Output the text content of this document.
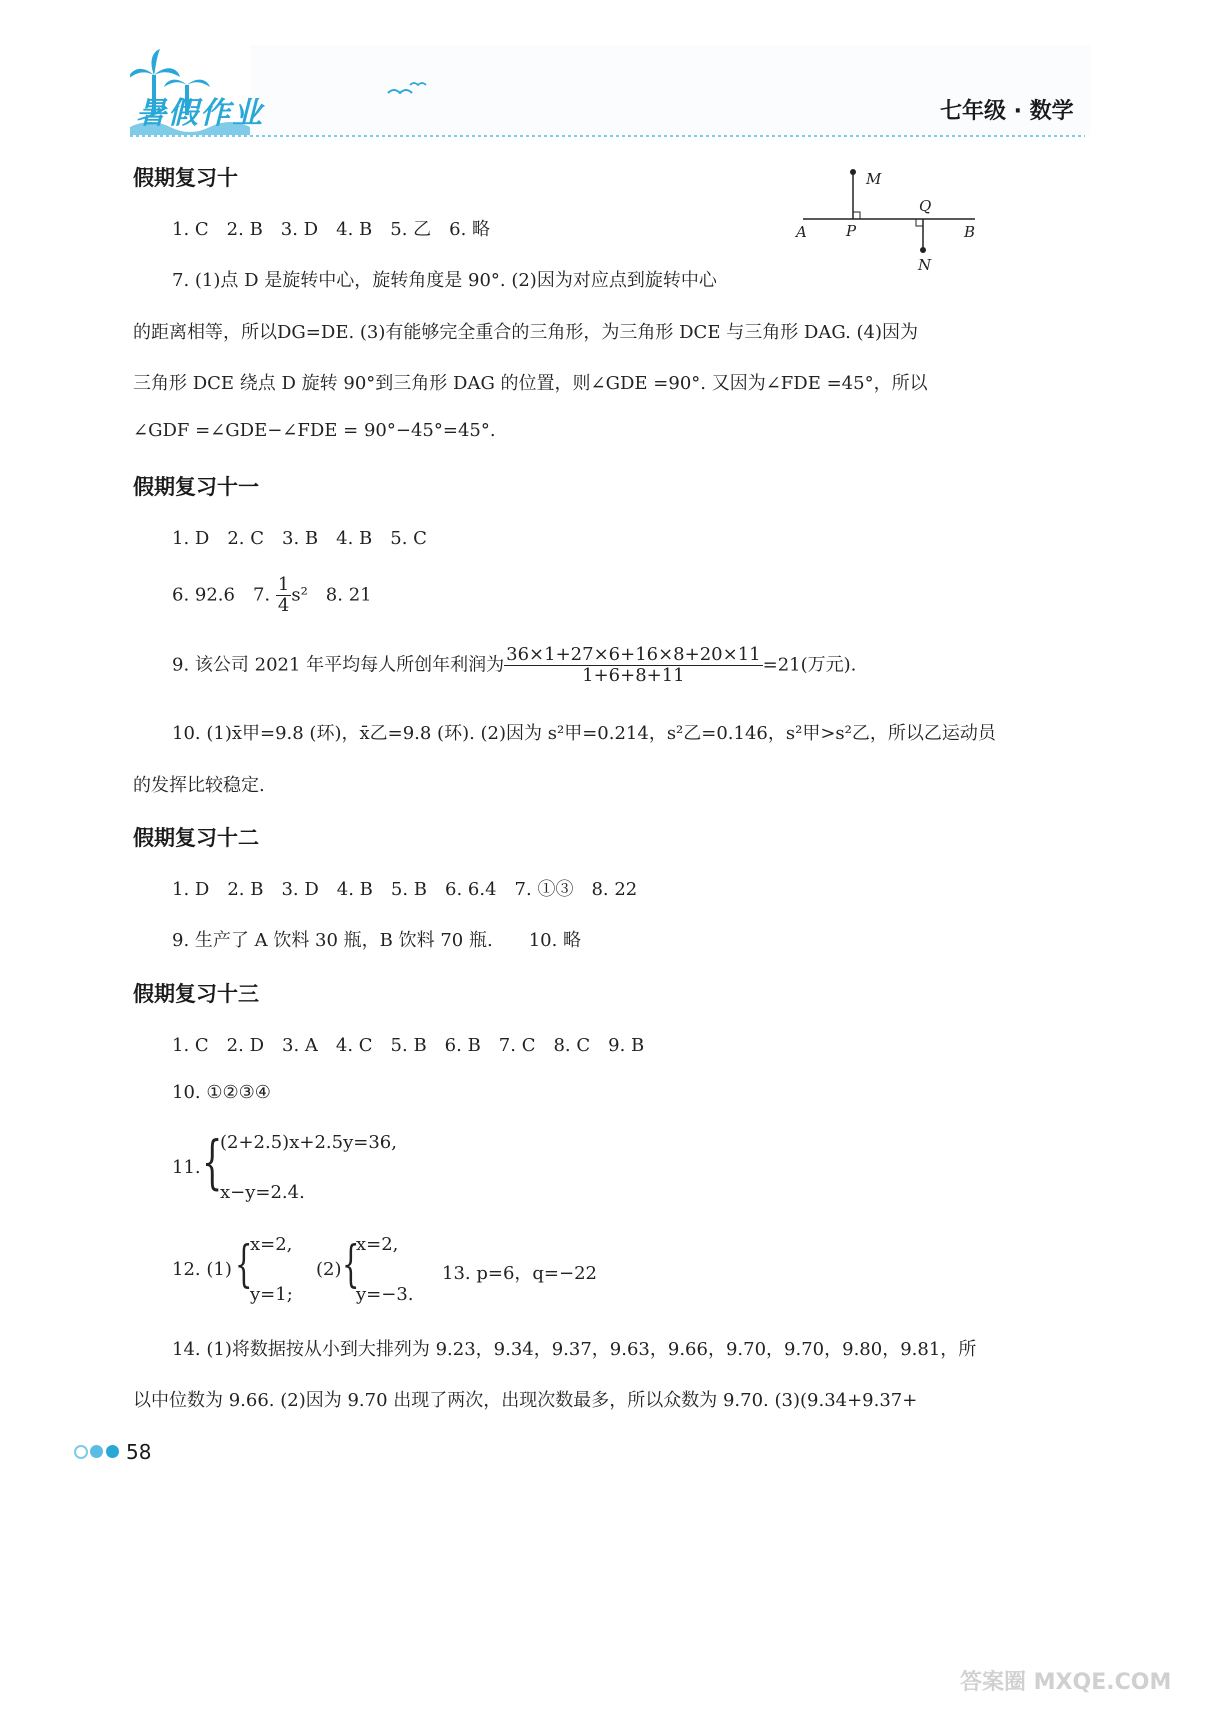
暑假作业	七年级 · 数学
假期复习十
1. C　2. B　3. D　4. B　5. 乙　6. 略
7. (1)点 D 是旋转中心，旋转角度是 90°. (2)因为对应点到旋转中心
的距离相等，所以DG=DE. (3)有能够完全重合的三角形，为三角形 DCE 与三角形 DAG. (4)因为
三角形 DCE 绕点 D 旋转 90°到三角形 DAG 的位置，则∠GDE =90°. 又因为∠FDE =45°，所以
∠GDF =∠GDE−∠FDE = 90°−45°=45°.
M
Q
A	P	B
N
假期复习十一
1. D　2. C　3. B　4. B　5. C
6. 92.6　7. $\frac{1}{4} s^2$　8. 21
9. 该公司 2021 年平均每人所创年利润为 $\frac{36\times 1+27\times 6+16\times 8+20\times 11}{1+6+8+11} =21$(万元).
10. (1)x̄甲=9.8 (环)，x̄乙=9.8 (环). (2)因为 s²甲=0.214，s²乙=0.146，s²甲>s²乙，所以乙运动员
的发挥比较稳定.
假期复习十二
1. D　2. B　3. D　4. B　5. B　6. 6.4　7. ①③　8. 22
9. 生产了 A 饮料 30 瓶，B 饮料 70 瓶.　　10. 略
假期复习十三
1. C　2. D　3. A　4. C　5. B　6. B　7. C　8. C　9. B
10. ①②③④
11. {
(2+2.5)x+2.5y=36,
x−y=2.4.
12. (1) {
x=2,
y=1;
(2) {
x=2,
y=−3.
13. p=6，q=−22
14. (1)将数据按从小到大排列为 9.23，9.34，9.37，9.63，9.66，9.70，9.70，9.80，9.81，所
以中位数为 9.66. (2)因为 9.70 出现了两次，出现次数最多，所以众数为 9.70. (3)(9.34+9.37+
58
答案圈 MXQE.COM
